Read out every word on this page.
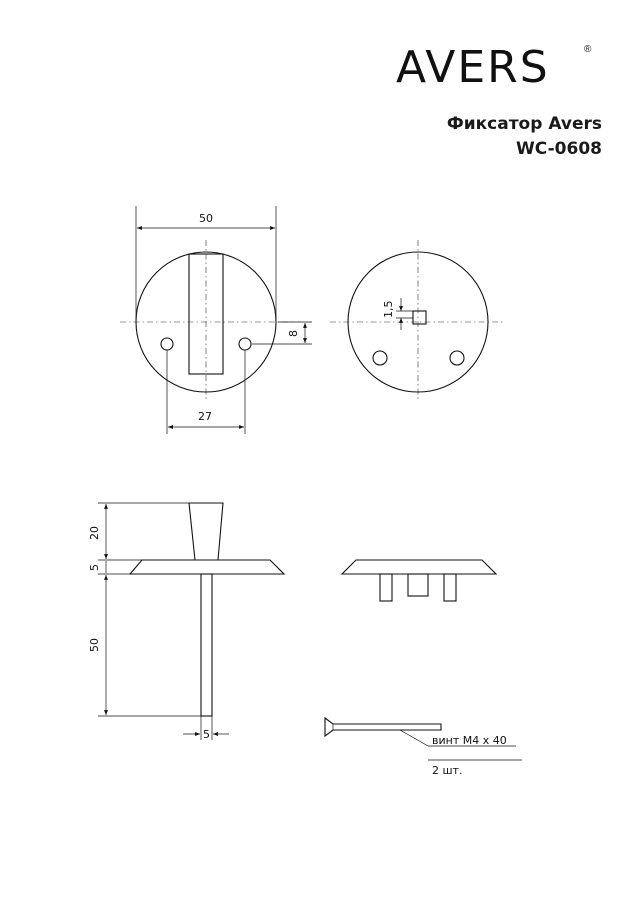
AVERS	®
Фиксатор Avers
WC-0608
50
27
8
1,5
20
5
50
5	винт М4 х 40
2 шт.
